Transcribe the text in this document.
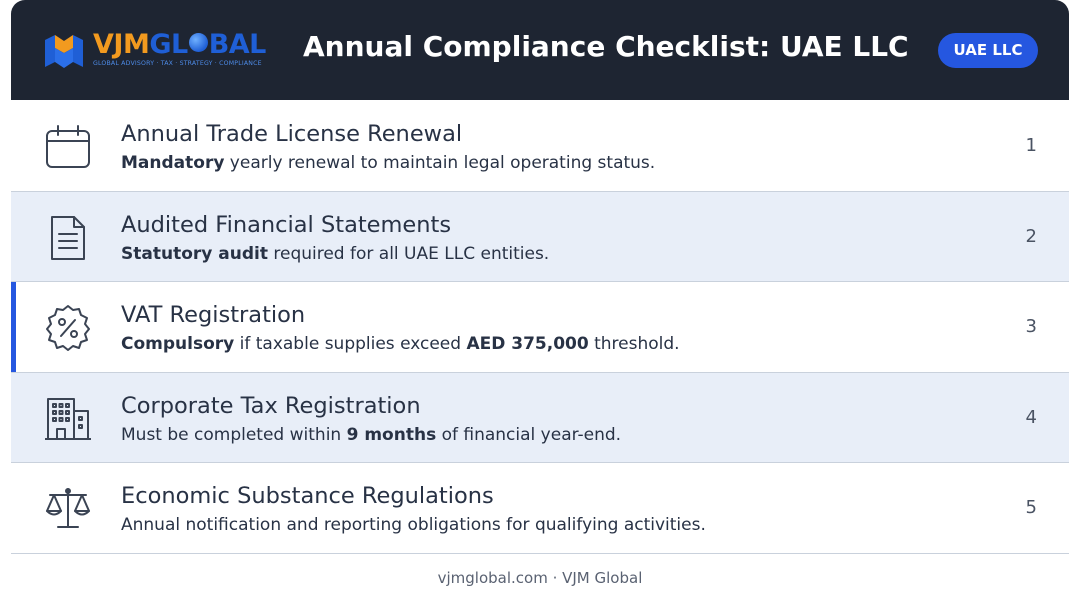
VJMGL BAL
GLOBAL ADVISORY · TAX · STRATEGY · COMPLIANCE
Annual Compliance Checklist: UAE LLC	UAE LLC
Annual Trade License Renewal
Mandatory yearly renewal to maintain legal operating status.
1
Audited Financial Statements
Statutory audit required for all UAE LLC entities.
2
VAT Registration
Compulsory if taxable supplies exceed AED 375,000 threshold.
3
Corporate Tax Registration
Must be completed within 9 months of financial year-end.
4
Economic Substance Regulations
Annual notification and reporting obligations for qualifying activities.
5
vjmglobal.com · VJM Global
